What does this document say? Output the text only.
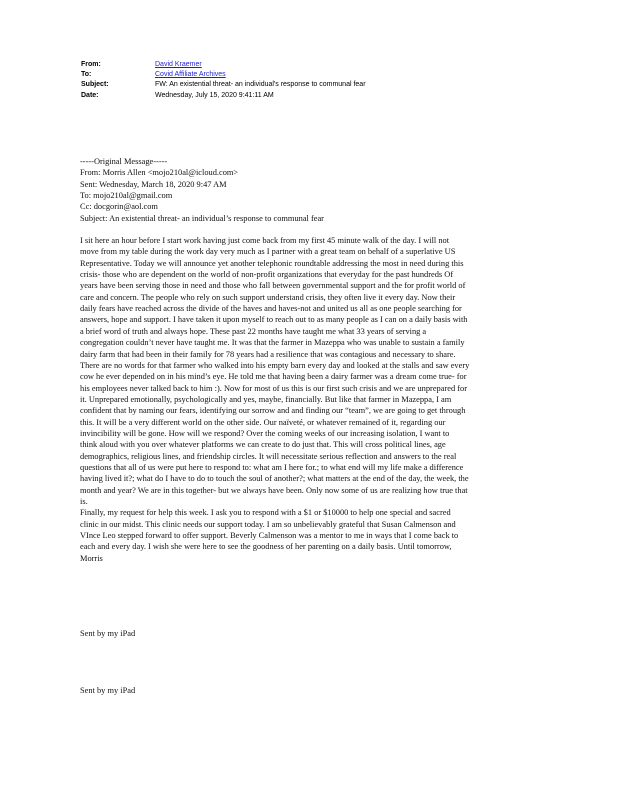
From:	David Kraemer
To:	Covid Affiliate Archives
Subject:	FW: An existential threat- an individual's response to communal fear
Date:	Wednesday, July 15, 2020 9:41:11 AM
-----Original Message-----
From: Morris Allen <mojo210al@icloud.com>
Sent: Wednesday, March 18, 2020 9:47 AM
To: mojo210al@gmail.com
Cc: docgorin@aol.com
Subject: An existential threat- an individual’s response to communal fear
I sit here an hour before I start work having just come back from my first 45 minute walk of the day. I will not
move from my table during the work day very much as I partner with a great team on behalf of a superlative US
Representative. Today we will announce yet another telephonic roundtable addressing the most in need during this
crisis- those who are dependent on the world of non-profit organizations that everyday for the past hundreds Of
years have been serving those in need and those who fall between governmental support and the for profit world of
care and concern. The people who rely on such support understand crisis, they often live it every day. Now their
daily fears have reached across the divide of the haves and haves-not and united us all as one people searching for
answers, hope and support. I have taken it upon myself to reach out to as many people as I can on a daily basis with
a brief word of truth and always hope. These past 22 months have taught me what 33 years of serving a
congregation couldn’t never have taught me. It was that the farmer in Mazeppa who was unable to sustain a family
dairy farm that had been in their family for 78 years had a resilience that was contagious and necessary to share.
There are no words for that farmer who walked into his empty barn every day and looked at the stalls and saw every
cow he ever depended on in his mind’s eye. He told me that having been a dairy farmer was a dream come true- for
his employees never talked back to him :). Now for most of us this is our first such crisis and we are unprepared for
it. Unprepared emotionally, psychologically and yes, maybe, financially. But like that farmer in Mazeppa, I am
confident that by naming our fears, identifying our sorrow and and finding our “team”, we are going to get through
this. It will be a very different world on the other side. Our naïveté, or whatever remained of it, regarding our
invincibility will be gone. How will we respond? Over the coming weeks of our increasing isolation, I want to
think aloud with you over whatever platforms we can create to do just that. This will cross political lines, age
demographics, religious lines, and friendship circles. It will necessitate serious reflection and answers to the real
questions that all of us were put here to respond to: what am I here for.; to what end will my life make a difference
having lived it?; what do I have to do to touch the soul of another?; what matters at the end of the day, the week, the
month and year? We are in this together- but we always have been. Only now some of us are realizing how true that
is.
Finally, my request for help this week. I ask you to respond with a $1 or $10000 to help one special and sacred
clinic in our midst. This clinic needs our support today. I am so unbelievably grateful that Susan Calmenson and
VInce Leo stepped forward to offer support. Beverly Calmenson was a mentor to me in ways that I come back to
each and every day. I wish she were here to see the goodness of her parenting on a daily basis. Until tomorrow,
Morris
Sent by my iPad
Sent by my iPad
